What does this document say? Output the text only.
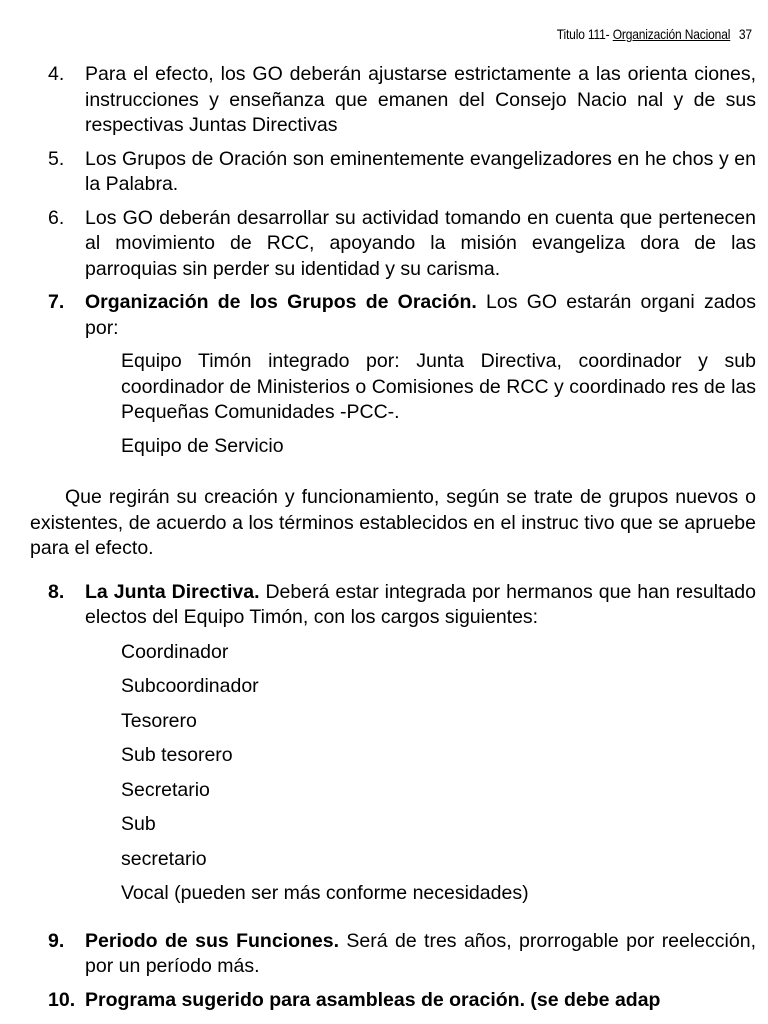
Titulo 111- Organización Nacional 37
4.	Para el efecto, los GO deberán ajustarse estrictamente a las orienta ciones, instrucciones y enseñanza que emanen del Consejo Nacio nal y de sus respectivas Juntas Directivas
5.	Los Grupos de Oración son eminentemente evangelizadores en he chos y en la Palabra.
6.	Los GO deberán desarrollar su actividad tomando en cuenta que pertenecen al movimiento de RCC, apoyando la misión evangeliza dora de las parroquias sin perder su identidad y su carisma.
7.	Organización de los Grupos de Oración. Los GO estarán organi zados por:
Equipo Timón integrado por: Junta Directiva, coordinador y sub coordinador de Ministerios o Comisiones de RCC y coordinado res de las Pequeñas Comunidades -PCC-.
Equipo de Servicio
Que regirán su creación y funcionamiento, según se trate de grupos nuevos o existentes, de acuerdo a los términos establecidos en el instruc tivo que se apruebe para el efecto.
8.	La Junta Directiva. Deberá estar integrada por hermanos que han resultado electos del Equipo Timón, con los cargos siguientes:
Coordinador
Subcoordinador
Tesorero
Sub tesorero
Secretario
Sub
secretario
Vocal (pueden ser más conforme necesidades)
9.	Periodo de sus Funciones. Será de tres años, prorrogable por reelección, por un período más.
10. Programa sugerido para asambleas de oración. (se debe adap
